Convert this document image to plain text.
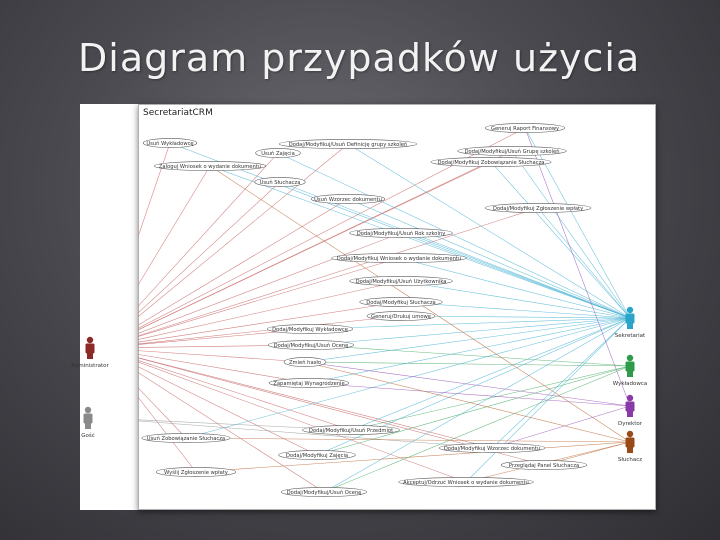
Diagram przypadków użycia
Generuj Raport Finansowy
Usuń Wykładowcę	Dodaj/Modyfikuj/Usuń Definicję grupy szkoleń
Dodaj/Modyfikuj/Usuń Grupę szkoleń
Usuń Zajęcia
Dodaj/Modyfikuj Zobowiązanie Słuchacza
Zaloguj Wniosek o wydanie dokumentu
Usuń Słuchacza
Usuń Wzorzec dokumentu
Dodaj/Modyfikuj Zgłoszenie wpłaty
Dodaj/Modyfikuj/Usuń Rok szkolny
Dodaj/Modyfikuj Wniosek o wydanie dokumentu
Dodaj/Modyfikuj/Usuń Użytkownika
Dodaj/Modyfikuj Słuchacza
Generuj/Drukuj umowę
Dodaj/Modyfikuj Wykładowcę
Dodaj/Modyfikuj/Usuń Ocenę
Zmień hasło
Zapamiętaj Wynagrodzenie
Dodaj/Modyfikuj/Usuń Przedmiot
Usuń Zobowiązanie Słuchacza
Dodaj/Modyfikuj Wzorzec dokumentu
Dodaj/Modyfikuj Zajęcia
Przeglądaj Panel Słuchacza
Wyślij Zgłoszenie wpłaty
Akceptuj/Odrzuć Wniosek o wydanie dokumentu
Dodaj/Modyfikuj/Usuń Ocenę
Sekretariat
Wykładowca
Dyrektor
Słuchacz
SecretariatCRM
Administrator
Gość
